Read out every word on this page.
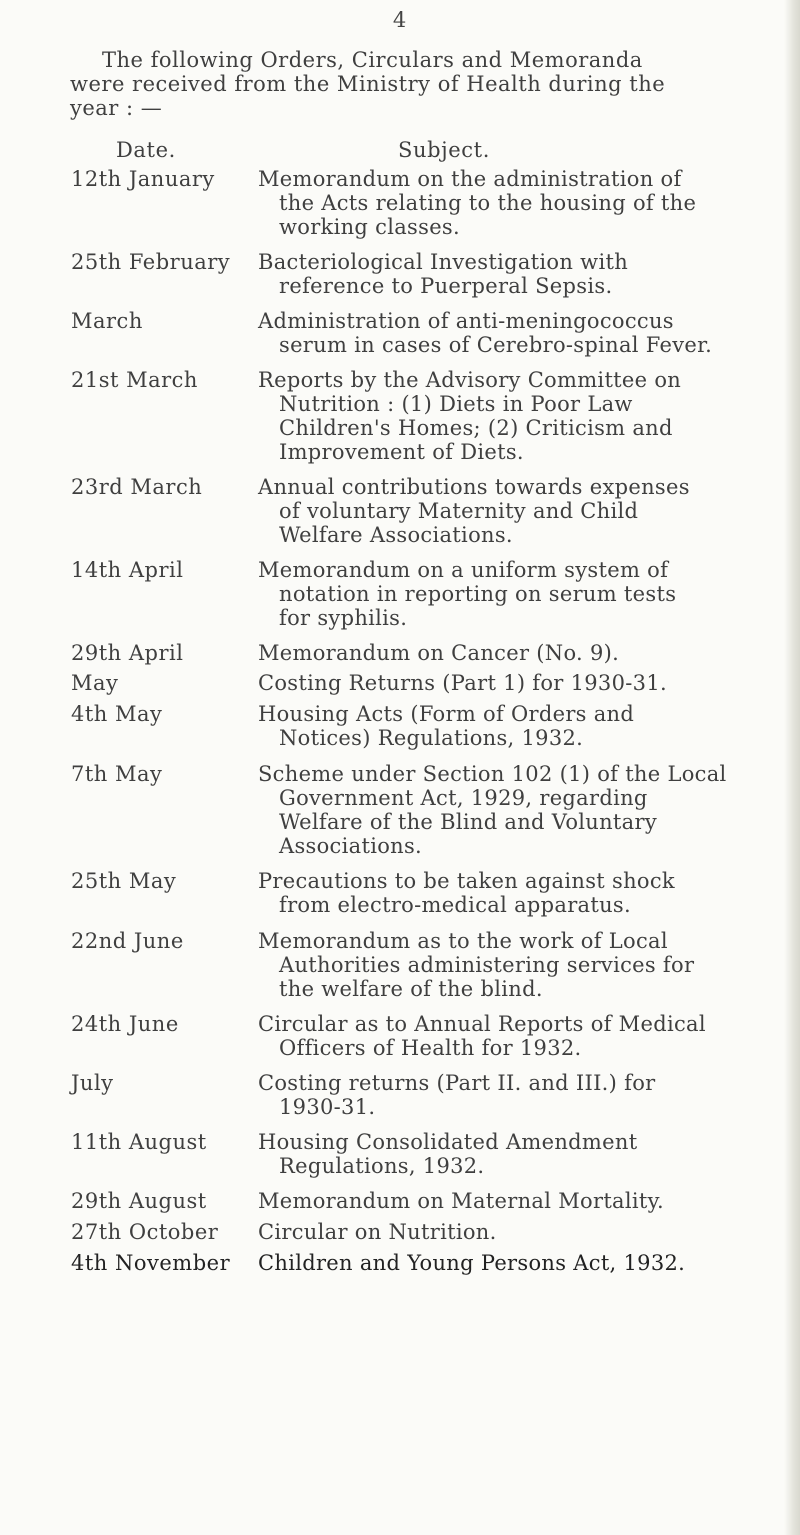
4
The following Orders, Circulars and Memoranda
were received from the Ministry of Health during the
year : —
Date.	Subject.
12th January	Memorandum on the administration of
the Acts relating to the housing of the
working classes.
25th February	Bacteriological Investigation with
reference to Puerperal Sepsis.
March	Administration of anti-meningococcus
serum in cases of Cerebro-spinal Fever.
21st March	Reports by the Advisory Committee on
Nutrition : (1) Diets in Poor Law
Children's Homes; (2) Criticism and
Improvement of Diets.
23rd March	Annual contributions towards expenses
of voluntary Maternity and Child
Welfare Associations.
14th April	Memorandum on a uniform system of
notation in reporting on serum tests
for syphilis.
29th April	Memorandum on Cancer (No. 9).
May	Costing Returns (Part 1) for 1930-31.
4th May	Housing Acts (Form of Orders and
Notices) Regulations, 1932.
7th May	Scheme under Section 102 (1) of the Local
Government Act, 1929, regarding
Welfare of the Blind and Voluntary
Associations.
25th May	Precautions to be taken against shock
from electro-medical apparatus.
22nd June	Memorandum as to the work of Local
Authorities administering services for
the welfare of the blind.
24th June	Circular as to Annual Reports of Medical
Officers of Health for 1932.
July	Costing returns (Part II. and III.) for
1930-31.
11th August	Housing Consolidated Amendment
Regulations, 1932.
29th August	Memorandum on Maternal Mortality.
27th October	Circular on Nutrition.
4th November	Children and Young Persons Act, 1932.
